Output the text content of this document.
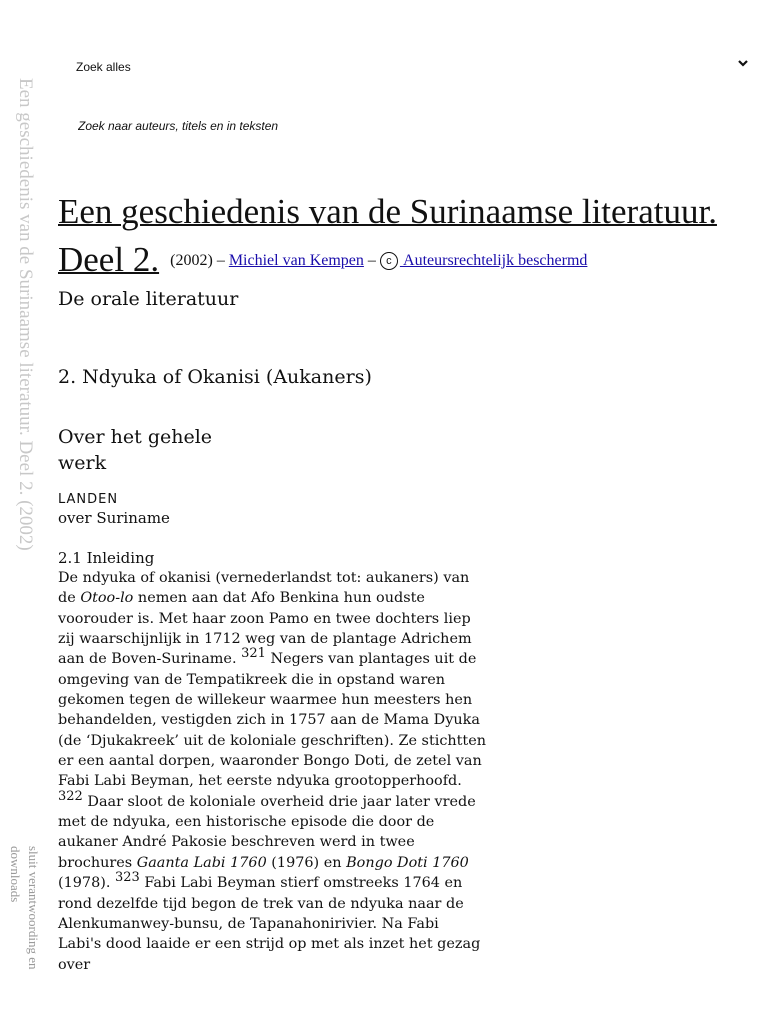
Een geschiedenis van de Surinaamse literatuur. Deel 2. (2002)
sluit verantwoording en downloads
Zoek alles
Zoek naar auteurs, titels en in teksten
Een geschiedenis van de Surinaamse literatuur.
Deel 2. (2002) – Michiel van Kempen – c Auteursrechtelijk beschermd
De orale literatuur
2. Ndyuka of Okanisi (Aukaners)
Over het gehele werk
LANDEN
over Suriname
2.1 Inleiding
De ndyuka of okanisi (vernederlandst tot: aukaners) van
de Otoo-lo nemen aan dat Afo Benkina hun oudste
voorouder is. Met haar zoon Pamo en twee dochters liep
zij waarschijnlijk in 1712 weg van de plantage Adrichem
aan de Boven-Suriname. $^{321}$ Negers van plantages uit de
omgeving van de Tempatikreek die in opstand waren
gekomen tegen de willekeur waarmee hun meesters hen
behandelden, vestigden zich in 1757 aan de Mama Dyuka
(de ‘Djukakreek’ uit de koloniale geschriften). Ze stichtten
er een aantal dorpen, waaronder Bongo Doti, de zetel van
Fabi Labi Beyman, het eerste ndyuka grootopperhoofd.
$^{322}$ Daar sloot de koloniale overheid drie jaar later vrede
met de ndyuka, een historische episode die door de
aukaner André Pakosie beschreven werd in twee
brochures Gaanta Labi 1760 (1976) en Bongo Doti 1760
(1978). $^{323}$ Fabi Labi Beyman stierf omstreeks 1764 en
rond dezelfde tijd begon de trek van de ndyuka naar de
Alenkumanwey-bunsu, de Tapanahonirivier. Na Fabi
Labi's dood laaide er een strijd op met als inzet het gezag
over
